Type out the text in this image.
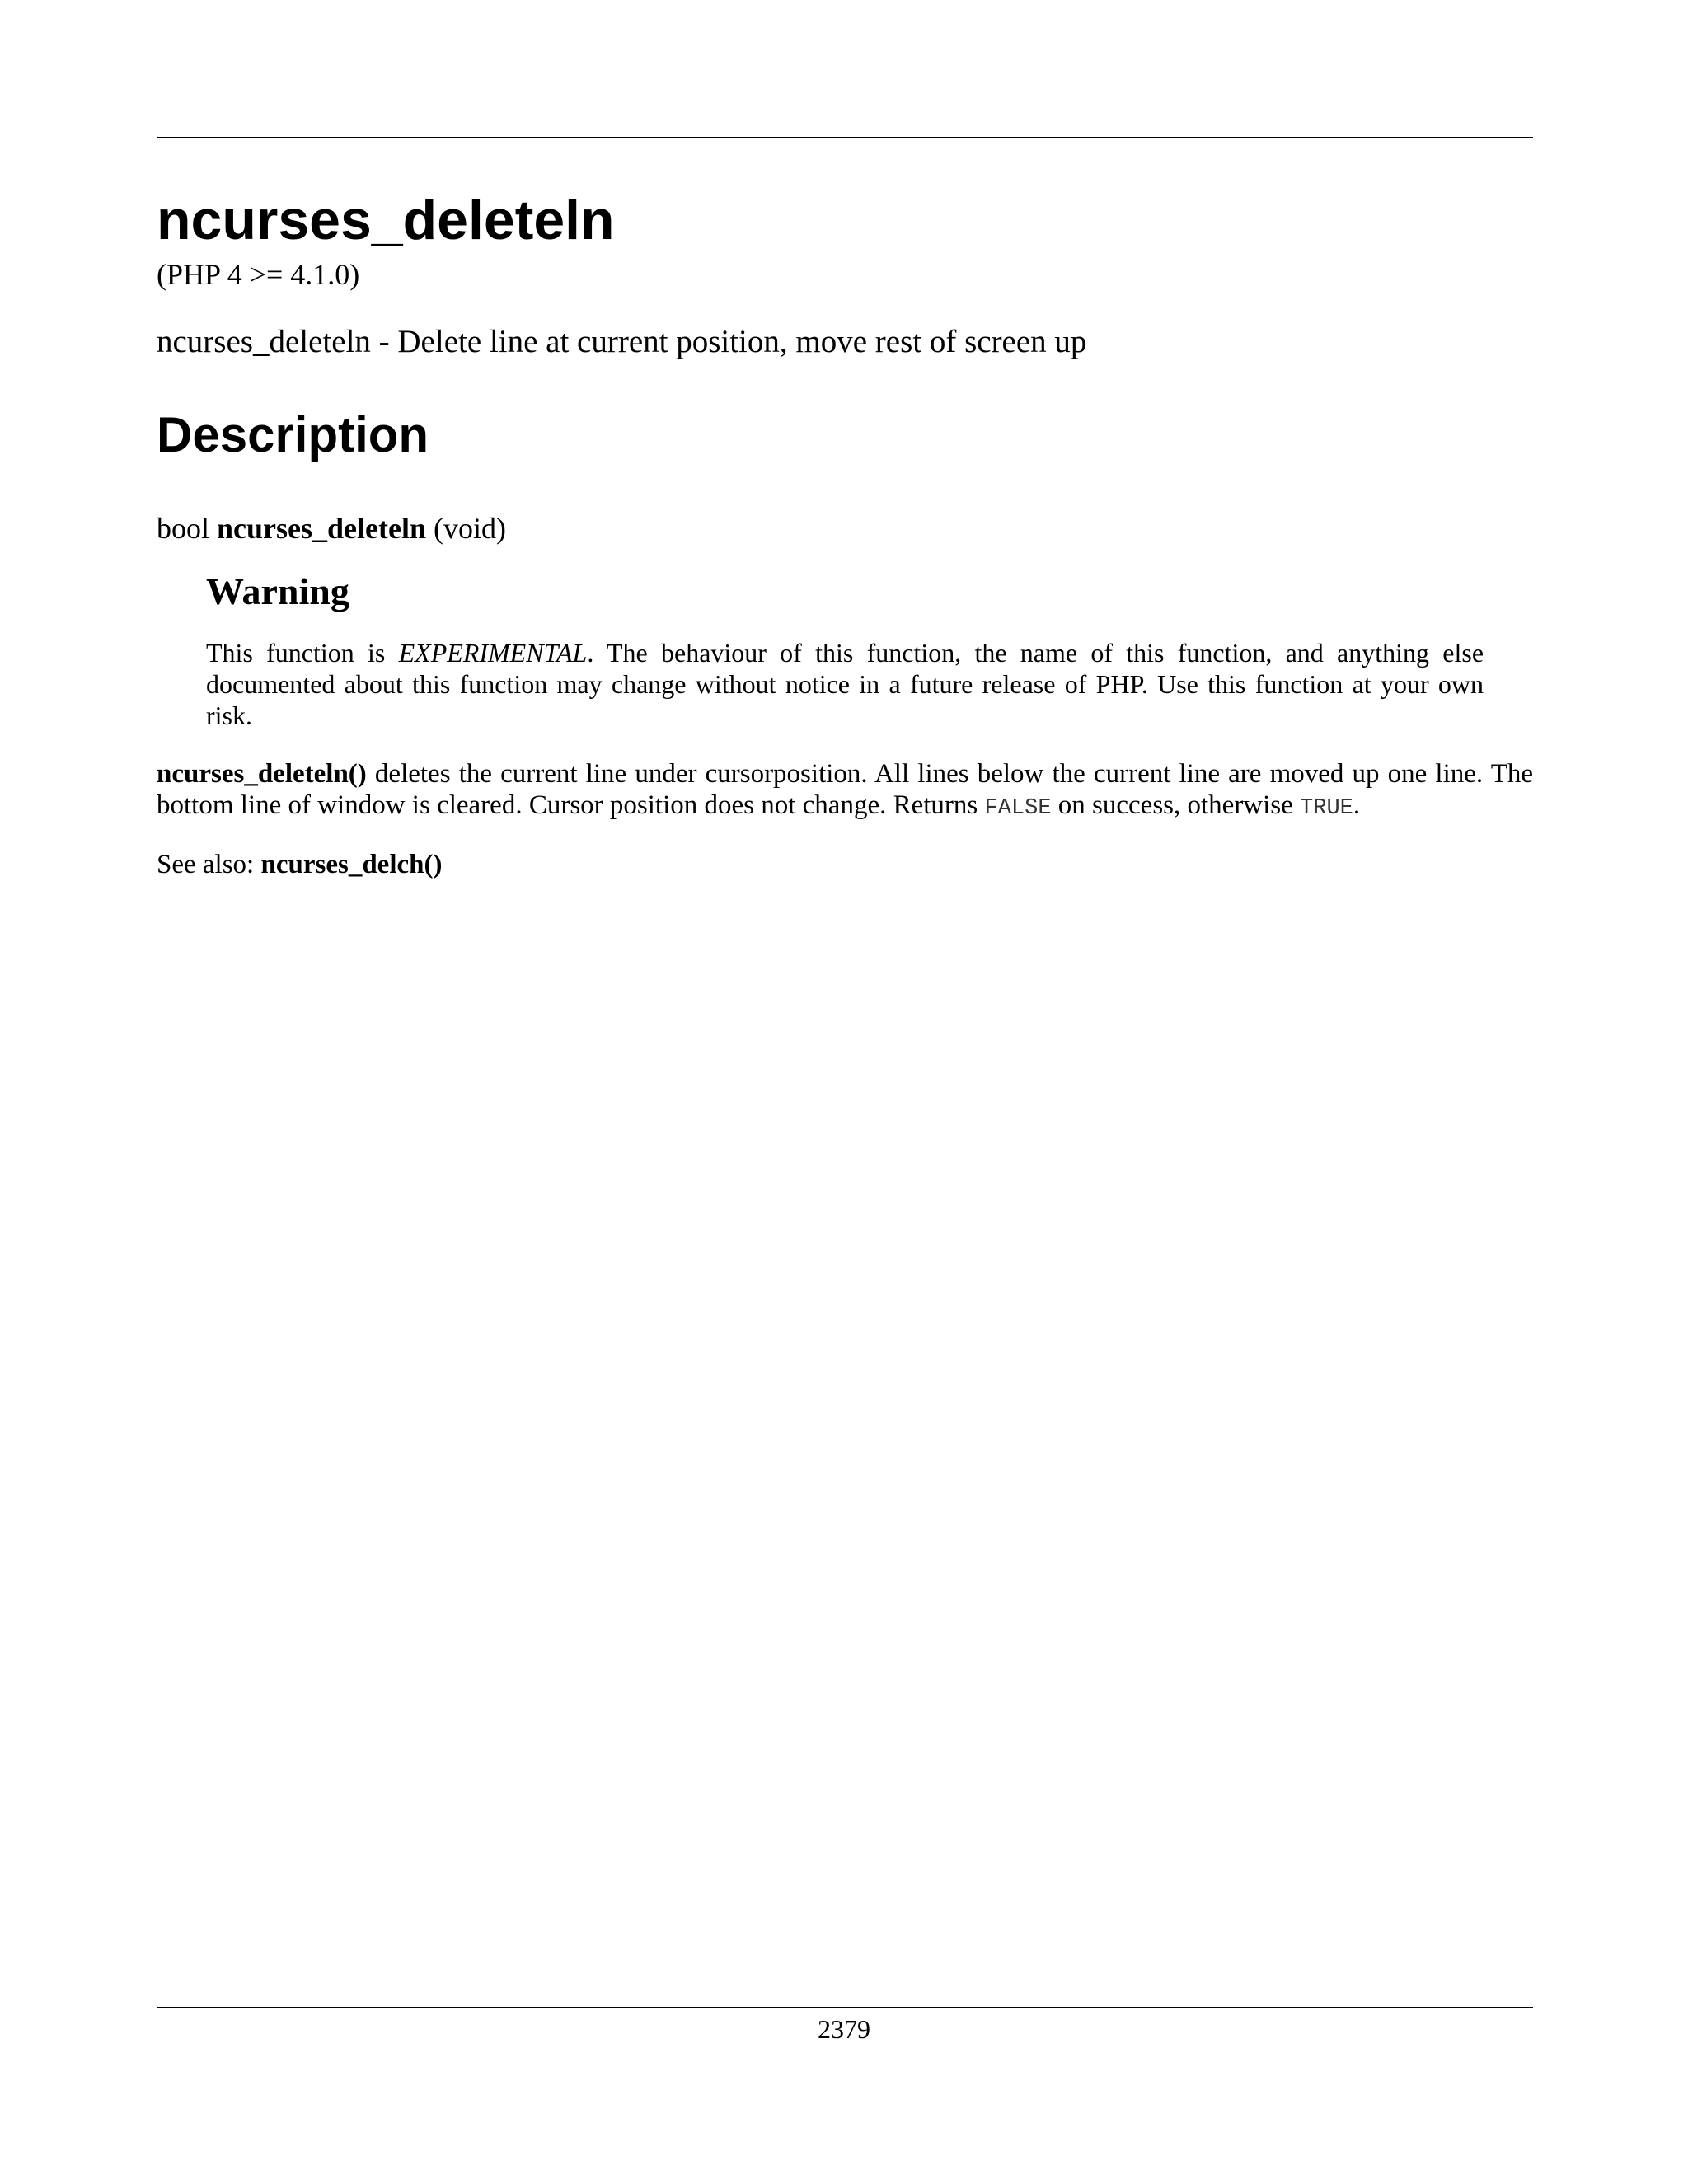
ncurses_deleteln
(PHP 4 >= 4.1.0)
ncurses_deleteln - Delete line at current position, move rest of screen up
Description
bool ncurses_deleteln (void)
Warning

This function is EXPERIMENTAL. The behaviour of this function, the name of this function, and anything else documented about this function may change without notice in a future release of PHP. Use this function at your own risk.

ncurses_deleteln() deletes the current line under cursorposition. All lines below the current line are moved up one line. The bottom line of window is cleared. Cursor position does not change. Returns FALSE on success, otherwise TRUE.

See also: ncurses_delch()
2379
